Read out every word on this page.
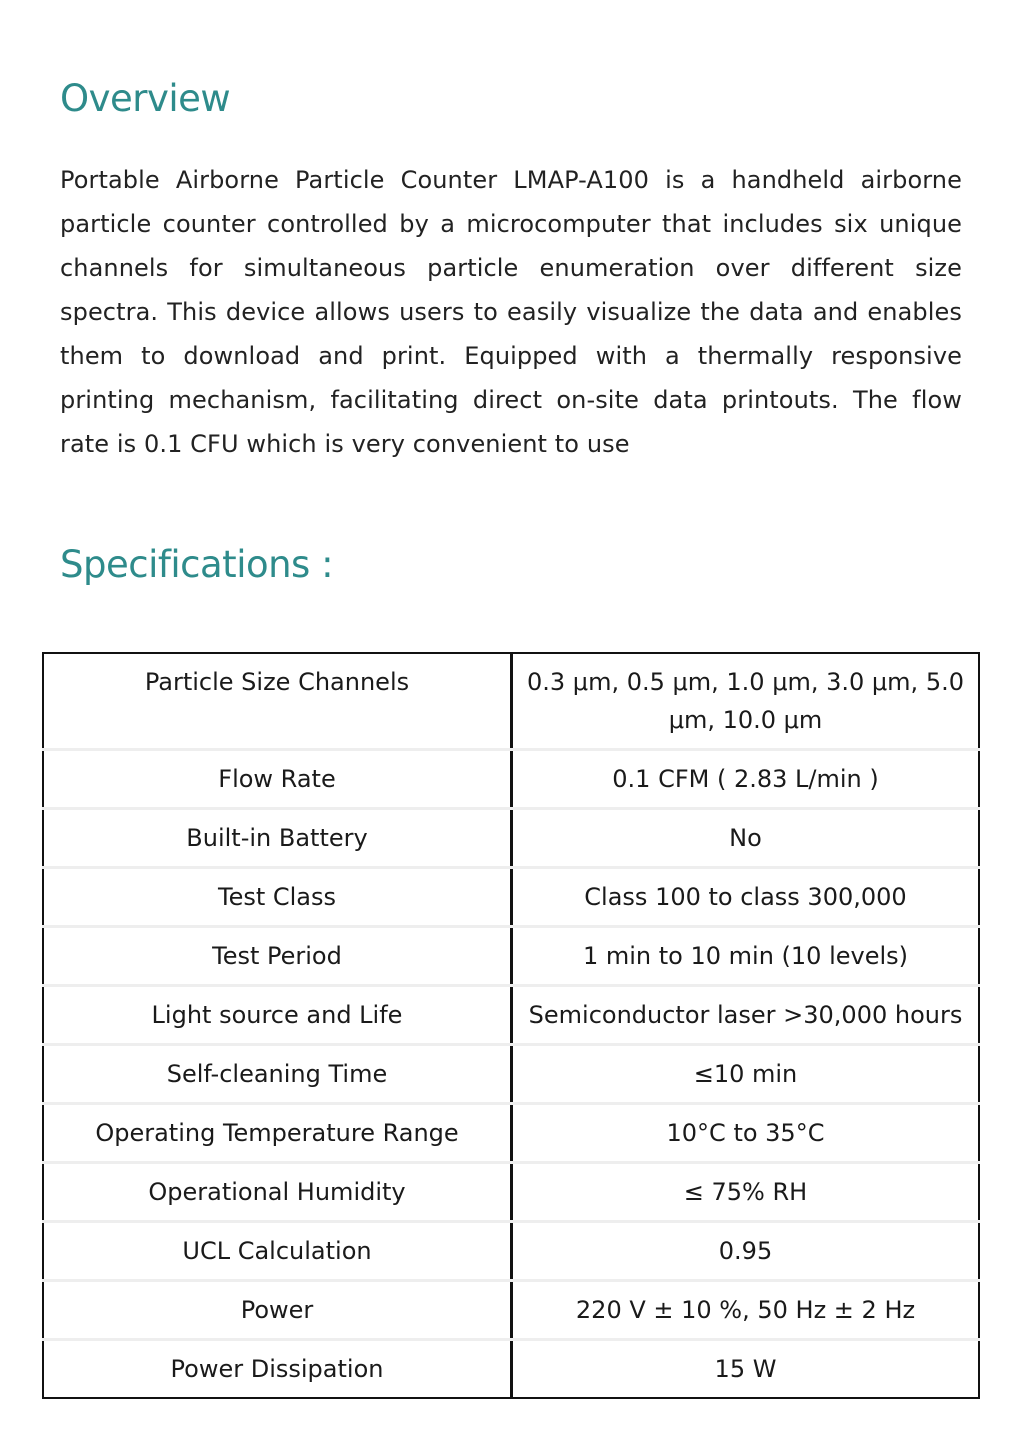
Overview

Portable Airborne Particle Counter LMAP-A100 is a handheld airborne particle counter controlled by a microcomputer that includes six unique channels for simultaneous particle enumeration over different size spectra. This device allows users to easily visualize the data and enables them to download and print. Equipped with a thermally responsive printing mechanism, facilitating direct on-site data printouts. The flow rate is 0.1 CFU which is very convenient to use

Specifications :
Particle Size Channels	0.3 μm, 0.5 μm, 1.0 μm, 3.0 μm, 5.0 μm, 10.0 μm
Flow Rate	0.1 CFM ( 2.83 L/min )
Built-in Battery	No
Test Class	Class 100 to class 300,000
Test Period	1 min to 10 min (10 levels)
Light source and Life	Semiconductor laser >30,000 hours
Self-cleaning Time	≤10 min
Operating Temperature Range	10°C to 35°C
Operational Humidity	≤ 75% RH
UCL Calculation	0.95
Power	220 V ± 10 %, 50 Hz ± 2 Hz
Power Dissipation	15 W
